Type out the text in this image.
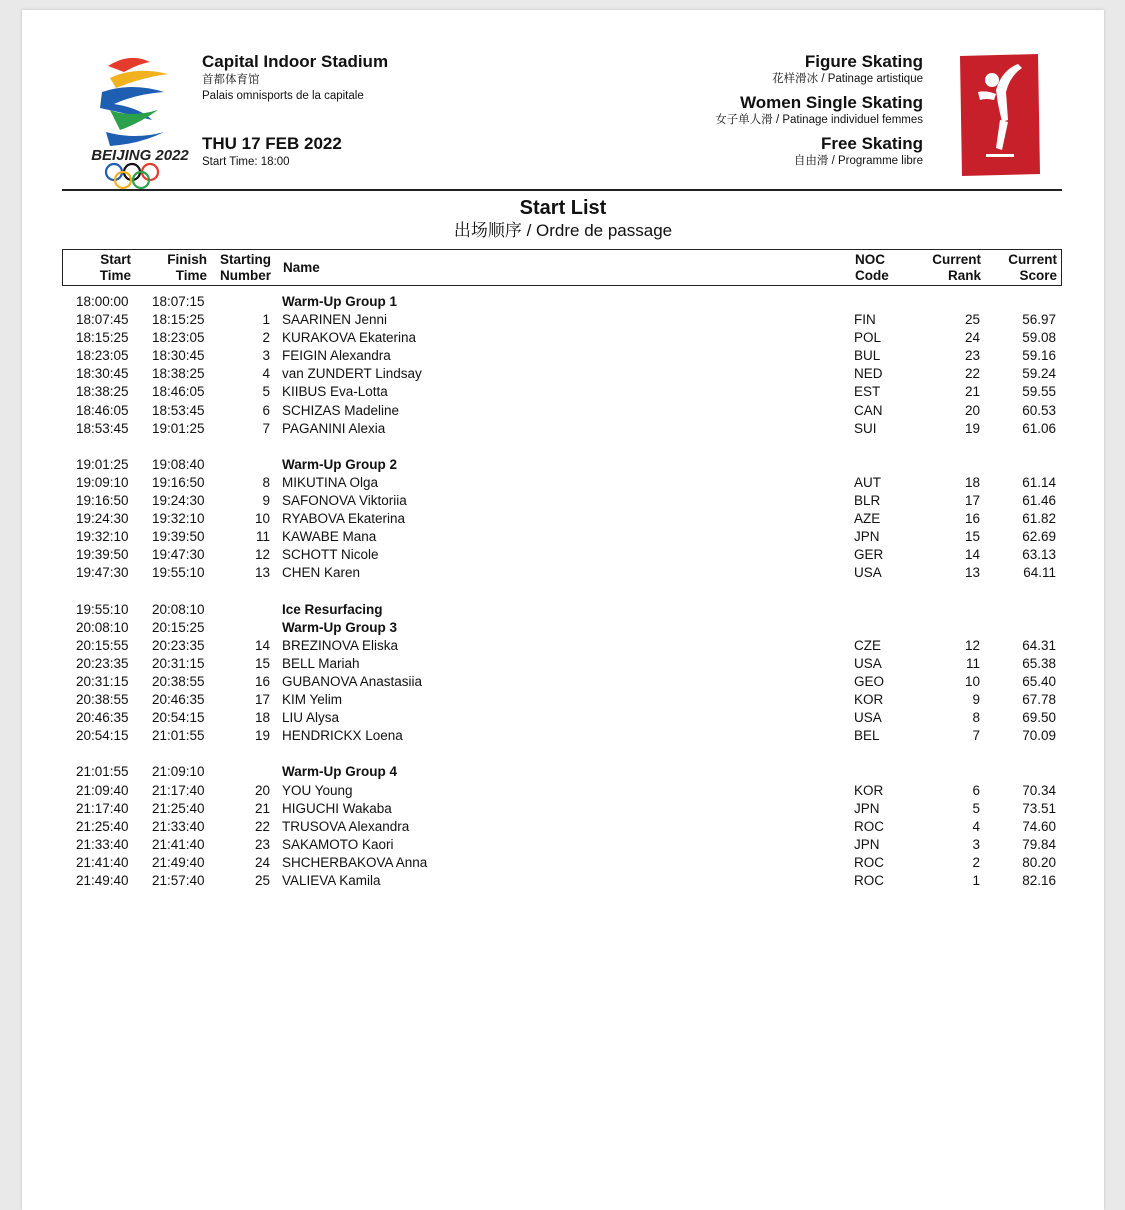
BEIJING 2022
Capital Indoor Stadium
首都体育馆
Palais omnisports de la capitale
THU 17 FEB 2022
Start Time: 18:00
Figure Skating
花样滑冰 / Patinage artistique
Women Single Skating
女子单人滑 / Patinage individuel femmes
Free Skating
自由滑 / Programme libre
Start List
出场顺序 / Ordre de passage
Start
Time
Finish
Time
Starting
Number
Name
NOC
Code
Current
Rank
Current
Score
18:00:00 18:07:15	Warm-Up Group 1
18:07:45 18:15:25	1 SAARINEN Jenni	FIN	25	56.97
18:15:25 18:23:05	2 KURAKOVA Ekaterina	POL	24	59.08
18:23:05 18:30:45	3 FEIGIN Alexandra	BUL	23	59.16
18:30:45 18:38:25	4 van ZUNDERT Lindsay	NED	22	59.24
18:38:25 18:46:05	5 KIIBUS Eva-Lotta	EST	21	59.55
18:46:05 18:53:45	6 SCHIZAS Madeline	CAN	20	60.53
18:53:45 19:01:25	7 PAGANINI Alexia	SUI	19	61.06
19:01:25 19:08:40	Warm-Up Group 2
19:09:10 19:16:50	8 MIKUTINA Olga	AUT	18	61.14
19:16:50 19:24:30	9 SAFONOVA Viktoriia	BLR	17	61.46
19:24:30 19:32:10	10 RYABOVA Ekaterina	AZE	16	61.82
19:32:10 19:39:50	11 KAWABE Mana	JPN	15	62.69
19:39:50 19:47:30	12 SCHOTT Nicole	GER	14	63.13
19:47:30 19:55:10	13 CHEN Karen	USA	13	64.11
19:55:10 20:08:10	Ice Resurfacing
20:08:10 20:15:25	Warm-Up Group 3
20:15:55 20:23:35	14 BREZINOVA Eliska	CZE	12	64.31
20:23:35 20:31:15	15 BELL Mariah	USA	11	65.38
20:31:15 20:38:55	16 GUBANOVA Anastasiia	GEO	10	65.40
20:38:55 20:46:35	17 KIM Yelim	KOR	9	67.78
20:46:35 20:54:15	18 LIU Alysa	USA	8	69.50
20:54:15 21:01:55	19 HENDRICKX Loena	BEL	7	70.09
21:01:55 21:09:10	Warm-Up Group 4
21:09:40 21:17:40	20 YOU Young	KOR	6	70.34
21:17:40 21:25:40	21 HIGUCHI Wakaba	JPN	5	73.51
21:25:40 21:33:40	22 TRUSOVA Alexandra	ROC	4	74.60
21:33:40 21:41:40	23 SAKAMOTO Kaori	JPN	3	79.84
21:41:40 21:49:40	24 SHCHERBAKOVA Anna	ROC	2	80.20
21:49:40 21:57:40	25 VALIEVA Kamila	ROC	1	82.16
